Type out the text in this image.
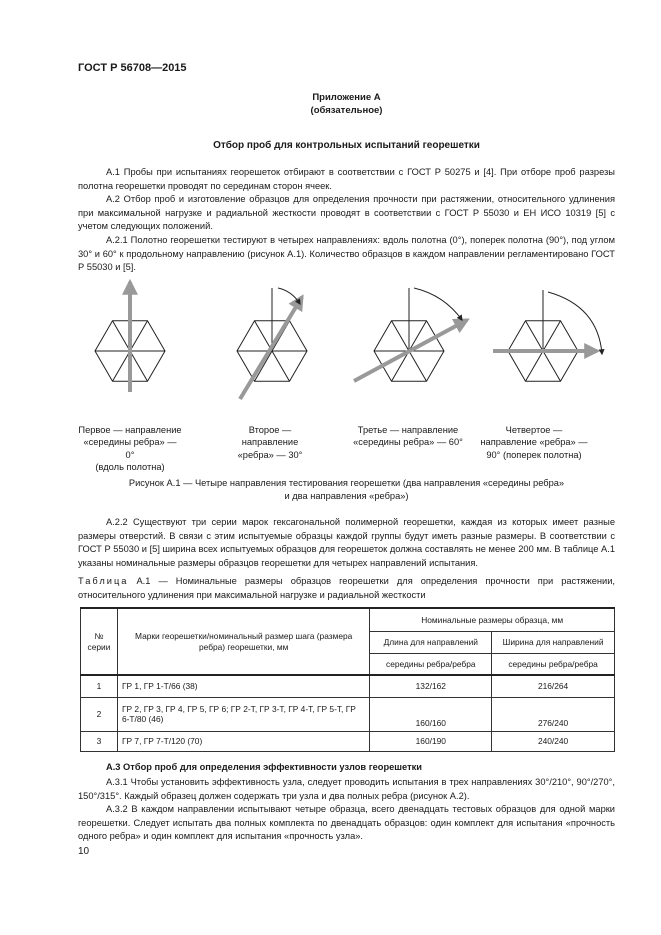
ГОСТ Р 56708—2015
Приложение А
(обязательное)
Отбор проб для контрольных испытаний георешетки
А.1 Пробы при испытаниях георешеток отбирают в соответствии с ГОСТ Р 50275 и [4]. При отборе проб разрезы полотна георешетки проводят по серединам сторон ячеек.
А.2 Отбор проб и изготовление образцов для определения прочности при растяжении, относительного удлинения при максимальной нагрузке и радиальной жесткости проводят в соответствии с ГОСТ Р 55030 и ЕН ИСО 10319 [5] с учетом следующих положений.
А.2.1 Полотно георешетки тестируют в четырех направлениях: вдоль полотна (0°), поперек полотна (90°), под углом 30° и 60° к продольному направлению (рисунок А.1). Количество образцов в каждом направлении регламентировано ГОСТ Р 55030 и [5].
Первое — направление
«середины ребра» — 0°
(вдоль полотна)
Второе —
направление
«ребра» — 30°
Третье — направление
«середины ребра» — 60°
Четвертое —
направление «ребра» —
90° (поперек полотна)
Рисунок А.1 — Четыре направления тестирования георешетки (два направления «середины ребра»
и два направления «ребра»)
А.2.2 Существуют три серии марок гексагональной полимерной георешетки, каждая из которых имеет разные размеры отверстий. В связи с этим испытуемые образцы каждой группы будут иметь разные размеры. В соответствии с ГОСТ Р 55030 и [5] ширина всех испытуемых образцов для георешеток должна составлять не менее 200 мм. В таблице А.1 указаны номинальные размеры образцов георешетки для четырех направлений испытания.
Таблица А.1 — Номинальные размеры образцов георешетки для определения прочности при растяжении, относительного удлинения при максимальной нагрузке и радиальной жесткости
№
серии	Марки георешетки/номинальный размер шага (размера ребра) георешетки, мм	Номинальные размеры образца, мм	
		Длина для направлений	Ширина для направлений
		середины ребра/ребра	середины ребра/ребра
1	ГР 1, ГР 1-Т/66 (38)	132/162	216/264
2	ГР 2, ГР 3, ГР 4, ГР 5, ГР 6; ГР 2-Т, ГР 3-Т, ГР 4-Т, ГР 5-Т, ГР 6-Т/80 (46)	160/160	276/240
3	ГР 7, ГР 7-Т/120 (70)	160/190	240/240
А.3 Отбор проб для определения эффективности узлов георешетки
А.3.1 Чтобы установить эффективность узла, следует проводить испытания в трех направлениях 30°/210°, 90°/270°, 150°/315°. Каждый образец должен содержать три узла и два полных ребра (рисунок А.2).
А.3.2 В каждом направлении испытывают четыре образца, всего двенадцать тестовых образцов для одной марки георешетки. Следует испытать два полных комплекта по двенадцать образцов: один комплект для испытания «прочность одного ребра» и один комплект для испытания «прочность узла».
10
